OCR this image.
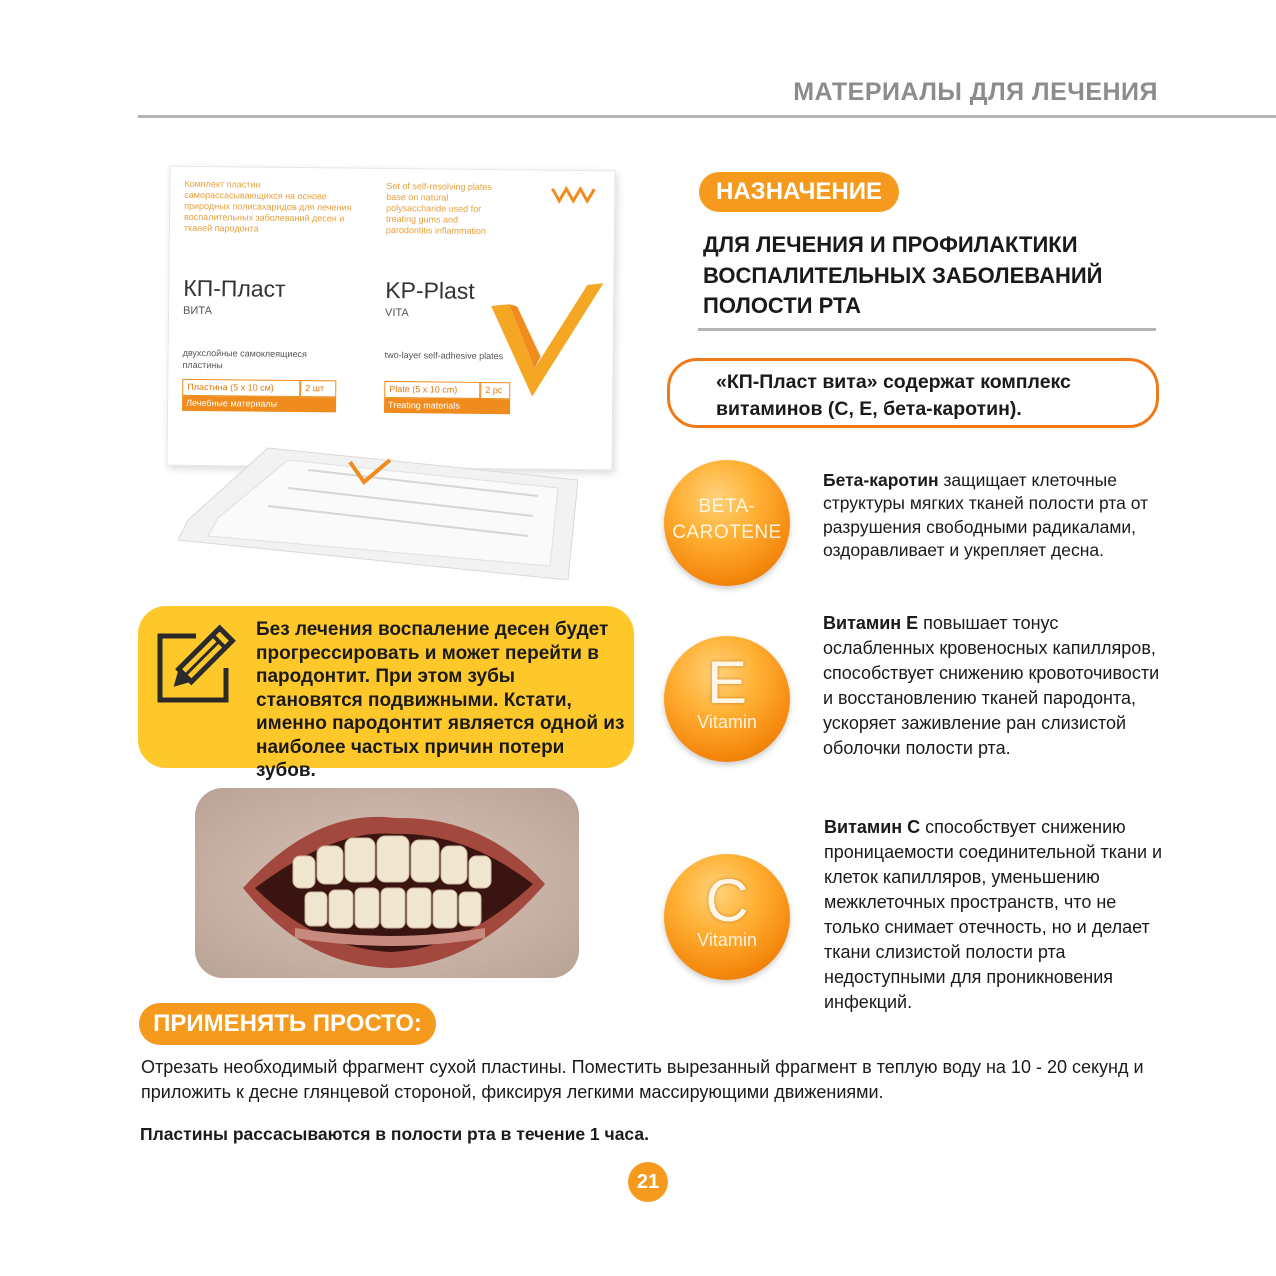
МАТЕРИАЛЫ ДЛЯ ЛЕЧЕНИЯ
Комплект пластин саморассасывающихся на основе природных полисахаридов для лечения воспалительных заболеваний десен и тканей пародонта
Set of self-resolving plates base on natural polysaccharide used for treating gums and parodontitis inflammation
КП-Пласт
ВИТА
KP-Plast
VITA
двухслойные самоклеящиеся пластины
two-layer self-adhesive plates
Пластина (5 x 10 см)	2 шт
Лечебные материалы
Plate (5 x 10 cm)	2 pc
Treating materials
Без лечения воспаление десен будет прогрессировать и может перейти в пародонтит. При этом зубы становятся подвижными. Кстати, именно пародонтит является одной из наиболее частых причин потери зубов.
НАЗНАЧЕНИЕ
ДЛЯ ЛЕЧЕНИЯ И ПРОФИЛАКТИКИ ВОСПАЛИТЕЛЬНЫХ ЗАБОЛЕВАНИЙ ПОЛОСТИ РТА
«КП-Пласт вита» содержат комплекс витаминов (С, Е, бета-каротин).
BETA-
CAROTENE
Бета-каротин защищает клеточные структуры мягких тканей полости рта от разрушения свободными радикалами, оздоравливает и укрепляет десна.
E
Vitamin
Витамин Е повышает тонус ослабленных кровеносных капилляров, способствует снижению кровоточивости и восстановлению тканей пародонта, ускоряет заживление ран слизистой оболочки полости рта.
C
Vitamin
Витамин С способствует снижению проницаемости соединительной ткани и клеток капилляров, уменьшению межклеточных пространств, что не только снимает отечность, но и делает ткани слизистой полости рта недоступными для проникновения инфекций.
ПРИМЕНЯТЬ ПРОСТО:
Отрезать необходимый фрагмент сухой пластины. Поместить вырезанный фрагмент в теплую воду на 10 - 20 секунд и приложить к десне глянцевой стороной, фиксируя легкими массирующими движениями.
Пластины рассасываются в полости рта в течение 1 часа.
21
